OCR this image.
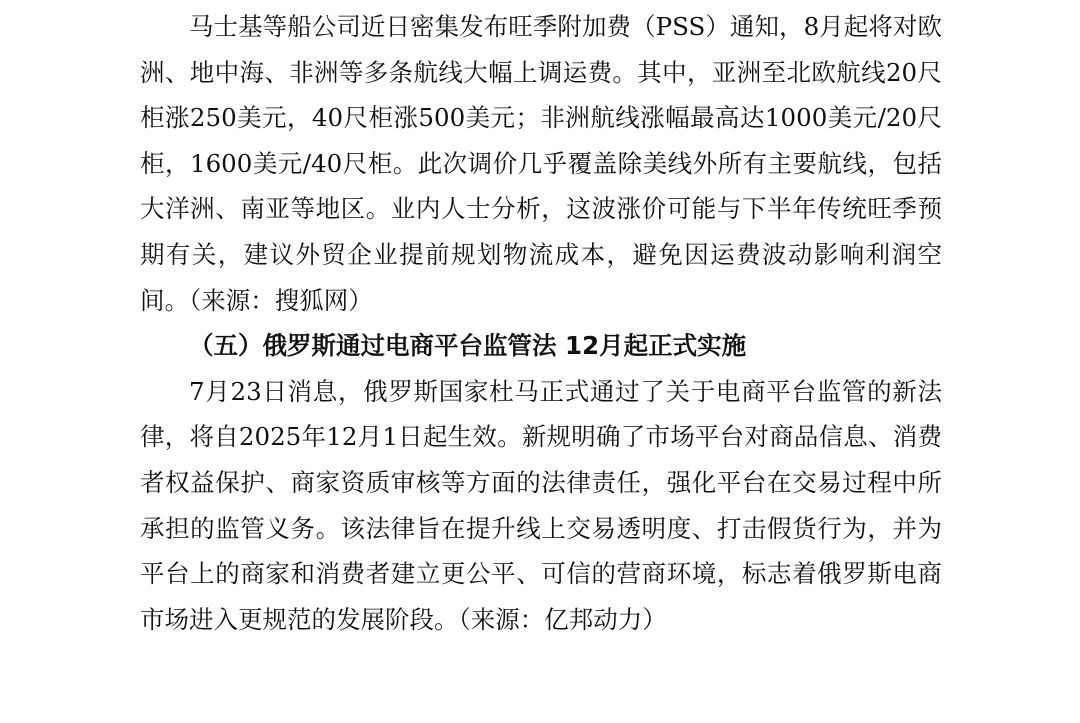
马士基等船公司近日密集发布旺季附加费（PSS）通知，8月起将对欧洲、地中海、非洲等多条航线大幅上调运费。其中，亚洲至北欧航线20尺柜涨250美元，40尺柜涨500美元；非洲航线涨幅最高达1000美元/20尺柜，1600美元/40尺柜。此次调价几乎覆盖除美线外所有主要航线，包括大洋洲、南亚等地区。业内人士分析，这波涨价可能与下半年传统旺季预期有关，建议外贸企业提前规划物流成本，避免因运费波动影响利润空间。（来源：搜狐网）

（五）俄罗斯通过电商平台监管法 12月起正式实施

7月23日消息，俄罗斯国家杜马正式通过了关于电商平台监管的新法律，将自2025年12月1日起生效。新规明确了市场平台对商品信息、消费者权益保护、商家资质审核等方面的法律责任，强化平台在交易过程中所承担的监管义务。该法律旨在提升线上交易透明度、打击假货行为，并为平台上的商家和消费者建立更公平、可信的营商环境，标志着俄罗斯电商市场进入更规范的发展阶段。（来源：亿邦动力）
